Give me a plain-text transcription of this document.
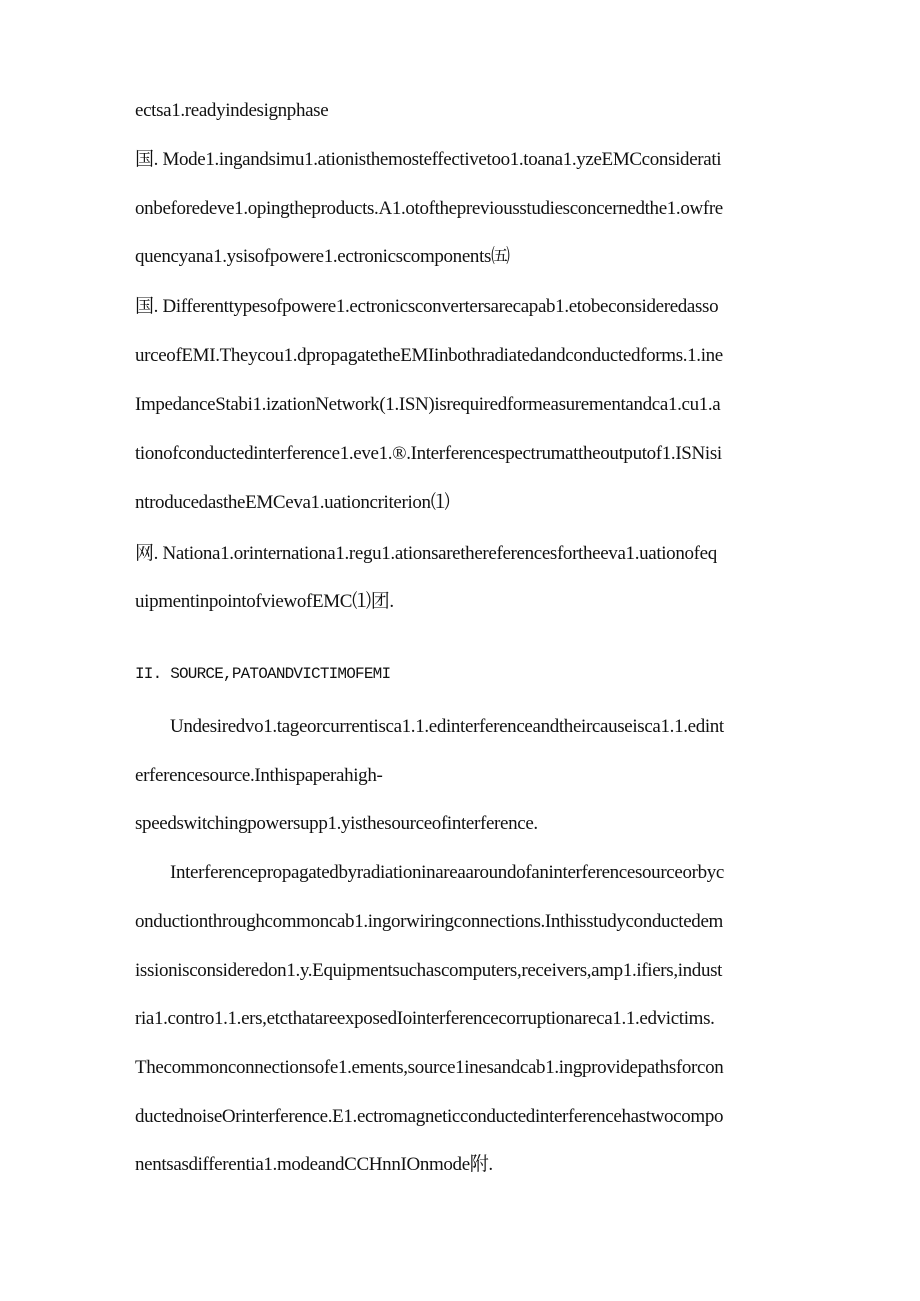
ectsa1.readyindesignphase
国. Mode1.ingandsimu1.ationisthemosteffectivetoo1.toana1.yzeEMCconsiderati
onbeforedeve1.opingtheproducts.A1.otofthepreviousstudiesconcernedthe1.owfre
quencyana1.ysisofpowere1.ectronicscomponents㈤
国. Differenttypesofpowere1.ectronicsconvertersarecapab1.etobeconsideredasso
urceofEMI.Theycou1.dpropagatetheEMIinbothradiatedandconductedforms.1.ine
ImpedanceStabi1.izationNetwork(1.ISN)isrequiredformeasurementandca1.cu1.a
tionofconductedinterference1.eve1.®.Interferencespectrumattheoutputof1.ISNisi
ntroducedastheEMCeva1.uationcriterion⑴
网. Nationa1.orinternationa1.regu1.ationsarethereferencesfortheeva1.uationofeq
uipmentinpointofviewofEMC⑴团.
II. SOURCE,PATOANDVICTIMOFEMI
Undesiredvo1.tageorcurrentisca1.1.edinterferenceandtheircauseisca1.1.edint
erferencesource.Inthispaperahigh-
speedswitchingpowersupp1.yisthesourceofinterference.
Interferencepropagatedbyradiationinareaaroundofaninterferencesourceorbyc
onductionthroughcommoncab1.ingorwiringconnections.Inthisstudyconductedem
issionisconsideredon1.y.Equipmentsuchascomputers,receivers,amp1.ifiers,indust
ria1.contro1.1.ers,etcthatareexposedIointerferencecorruptionareca1.1.edvictims.
Thecommonconnectionsofe1.ements,source1inesandcab1.ingprovidepathsforcon
ductednoiseOrinterference.E1.ectromagneticconductedinterferencehastwocompo
nentsasdifferentia1.modeandCCHnnIOnmode附.
